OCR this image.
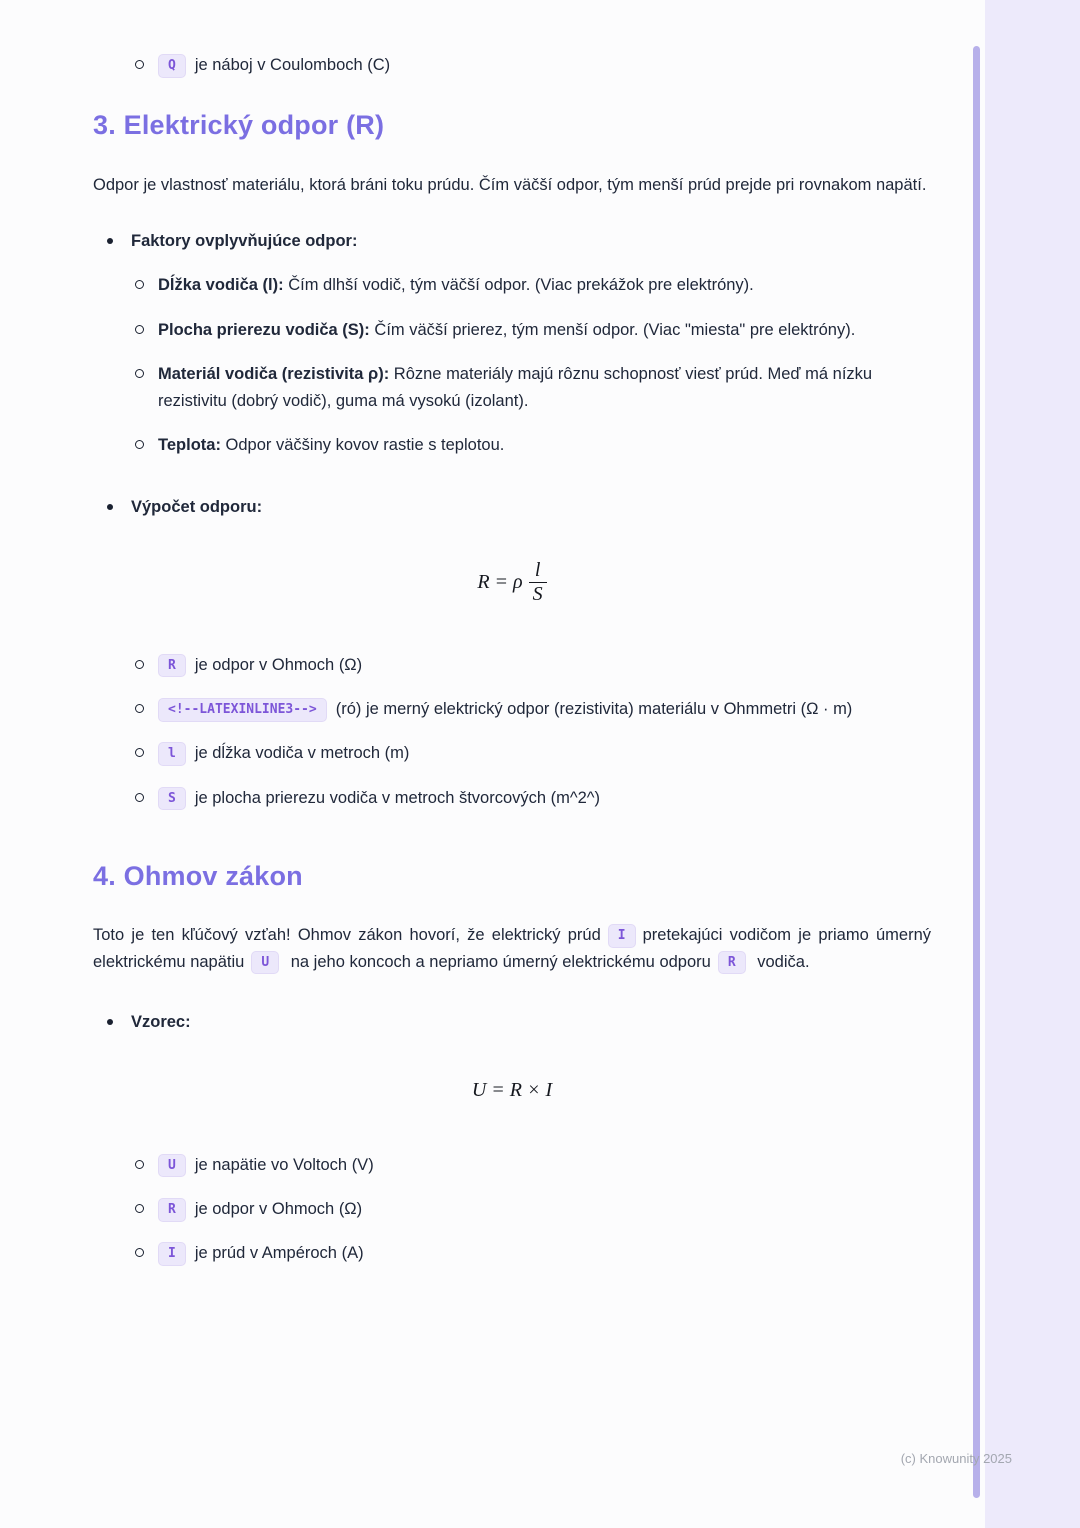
Q je náboj v Coulomboch (C)
3. Elektrický odpor (R)

Odpor je vlastnosť materiálu, ktorá bráni toku prúdu. Čím väčší odpor, tým menší prúd prejde pri rovnakom napätí.

Faktory ovplyvňujúce odpor:
Dĺžka vodiča (l): Čím dlhší vodič, tým väčší odpor. (Viac prekážok pre elektróny).
Plocha prierezu vodiča (S): Čím väčší prierez, tým menší odpor. (Viac "miesta" pre elektróny).
Materiál vodiča (rezistivita ρ): Rôzne materiály majú rôznu schopnosť viesť prúd. Meď má nízku rezistivitu (dobrý vodič), guma má vysokú (izolant).
Teplota: Odpor väčšiny kovov rastie s teplotou.
Výpočet odporu:
R = ρ $\frac{l}{S}$
R je odpor v Ohmoch (Ω)
<!--LATEXINLINE3--> (ró) je merný elektrický odpor (rezistivita) materiálu v Ohmmetri (Ω · m)
l je dĺžka vodiča v metroch (m)
S je plocha prierezu vodiča v metroch štvorcových (m^2^)
4. Ohmov zákon

Toto je ten kľúčový vzťah! Ohmov zákon hovorí, že elektrický prúd I pretekajúci vodičom je priamo úmerný elektrickému napätiu U na jeho koncoch a nepriamo úmerný elektrickému odporu R vodiča.

Vzorec:
U = R × I
U je napätie vo Voltoch (V)
R je odpor v Ohmoch (Ω)
I je prúd v Ampéroch (A)
(c) Knowunity 2025
